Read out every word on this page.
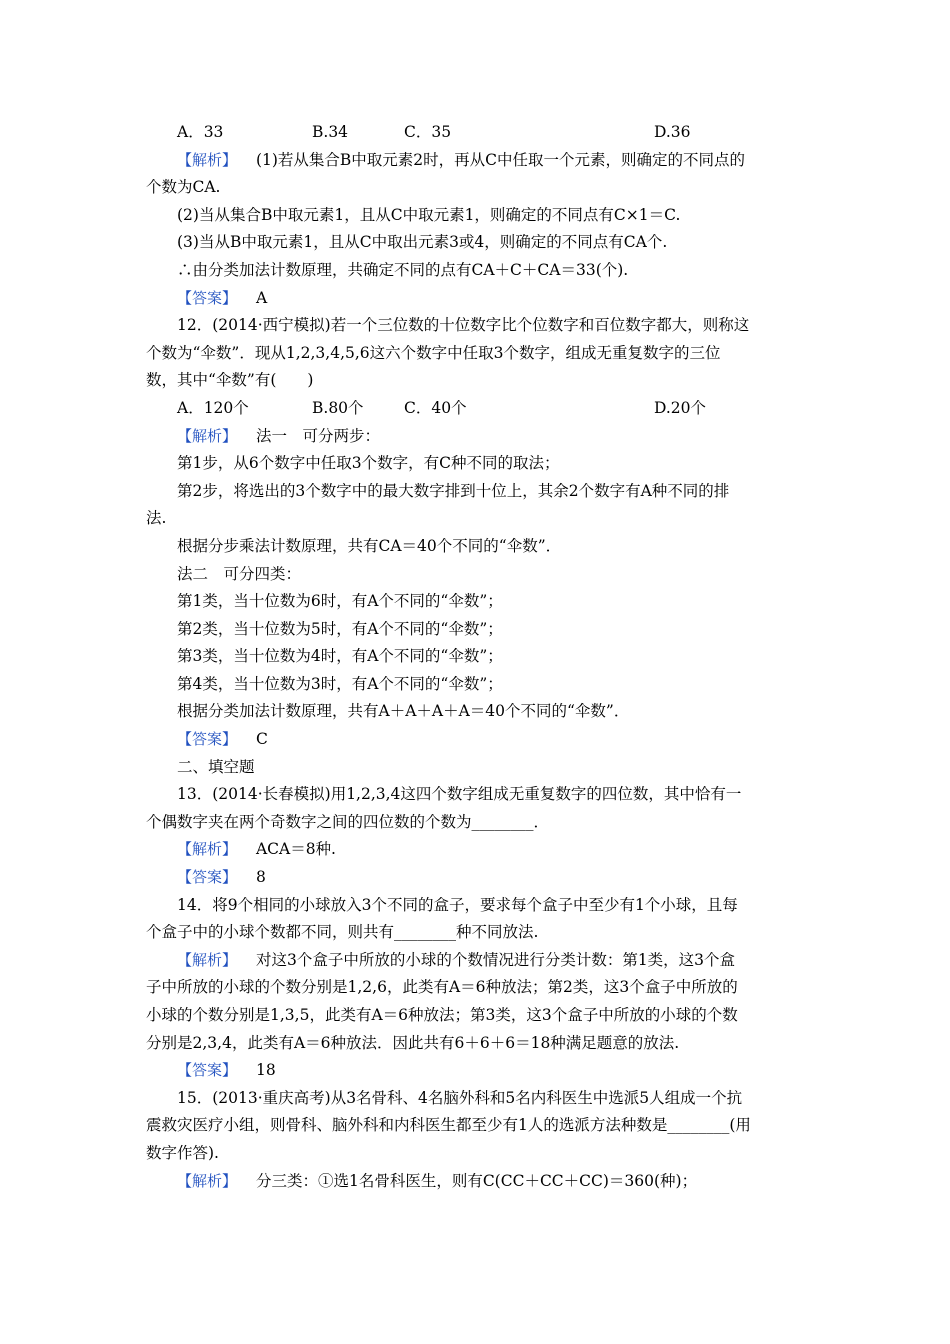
A．33	B.34	C．35	D.36
【解析】 (1)若从集合B中取元素2时，再从C中任取一个元素，则确定的不同点的
个数为CA.
(2)当从集合B中取元素1，且从C中取元素1，则确定的不同点有C×1＝C.
(3)当从B中取元素1，且从C中取出元素3或4，则确定的不同点有CA个.
∴由分类加法计数原理，共确定不同的点有CA＋C＋CA＝33(个).
【答案】 A
12．(2014·西宁模拟)若一个三位数的十位数字比个位数字和百位数字都大，则称这
个数为“伞数”．现从1,2,3,4,5,6这六个数字中任取3个数字，组成无重复数字的三位
数，其中“伞数”有(　　)
A．120个	B.80个	C．40个	D.20个
【解析】 法一　可分两步：
第1步，从6个数字中任取3个数字，有C种不同的取法；
第2步，将选出的3个数字中的最大数字排到十位上，其余2个数字有A种不同的排
法.
根据分步乘法计数原理，共有CA＝40个不同的“伞数”．
法二　可分四类：
第1类，当十位数为6时，有A个不同的“伞数”；
第2类，当十位数为5时，有A个不同的“伞数”；
第3类，当十位数为4时，有A个不同的“伞数”；
第4类，当十位数为3时，有A个不同的“伞数”；
根据分类加法计数原理，共有A＋A＋A＋A＝40个不同的“伞数”．
【答案】 C
二、填空题
13．(2014·长春模拟)用1,2,3,4这四个数字组成无重复数字的四位数，其中恰有一
个偶数字夹在两个奇数字之间的四位数的个数为________．
【解析】 ACA＝8种.
【答案】 8
14．将9个相同的小球放入3个不同的盒子，要求每个盒子中至少有1个小球，且每
个盒子中的小球个数都不同，则共有________种不同放法.
【解析】 对这3个盒子中所放的小球的个数情况进行分类计数：第1类，这3个盒
子中所放的小球的个数分别是1,2,6，此类有A＝6种放法；第2类，这3个盒子中所放的
小球的个数分别是1,3,5，此类有A＝6种放法；第3类，这3个盒子中所放的小球的个数
分别是2,3,4，此类有A＝6种放法．因此共有6＋6＋6＝18种满足题意的放法.
【答案】 18
15．(2013·重庆高考)从3名骨科、4名脑外科和5名内科医生中选派5人组成一个抗
震救灾医疗小组，则骨科、脑外科和内科医生都至少有1人的选派方法种数是________(用
数字作答).
【解析】 分三类：①选1名骨科医生，则有C(CC＋CC＋CC)＝360(种)；
